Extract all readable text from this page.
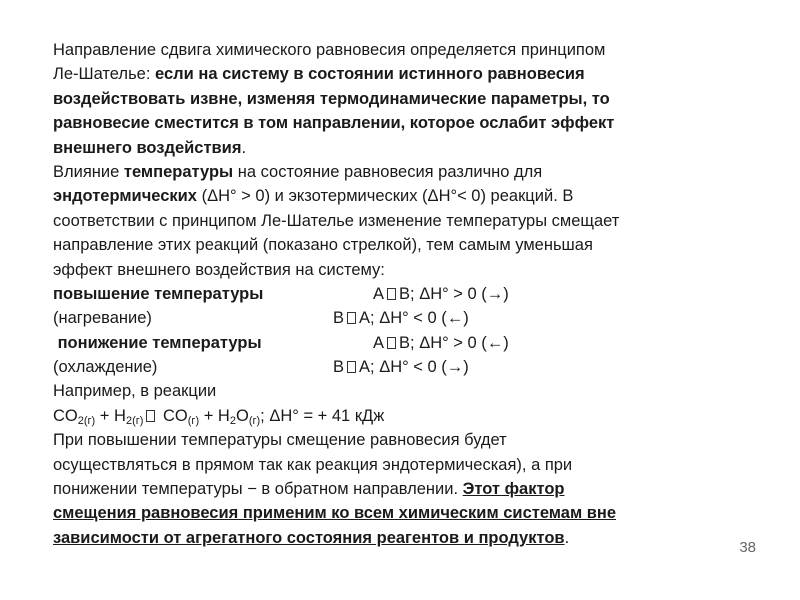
Направление сдвига химического равновесия определяется принципом
Ле-Шателье: если на систему в состоянии истинного равновесия
воздействовать извне, изменяя термодинамические параметры, то
равновесие сместится в том направлении, которое ослабит эффект
внешнего воздействия.
Влияние температуры на состояние равновесия различно для
эндотермических (ΔH° > 0) и экзотермических (ΔH°< 0) реакций. В
соответствии с принципом Ле-Шателье изменение температуры смещает
направление этих реакций (показано стрелкой), тем самым уменьшая
эффект внешнего воздействия на систему:
повышение температуры	A B; ΔH° > 0 (→)
(нагревание)	B A; ΔH° < 0 (←)
понижение температуры	A B; ΔH° > 0 (←)
(охлаждение)	B A; ΔH° < 0 (→)
Например, в реакции
$CO_{2(г)} + H_{2(г)}$ $CO_{(г)} + H_2O_{(г)}$; ΔH° = + 41 кДж
При повышении температуры смещение равновесия будет
осуществляться в прямом так как реакция эндотермическая), а при
понижении температуры − в обратном направлении. Этот фактор
смещения равновесия применим ко всем химическим системам вне
зависимости от агрегатного состояния реагентов и продуктов.
38
